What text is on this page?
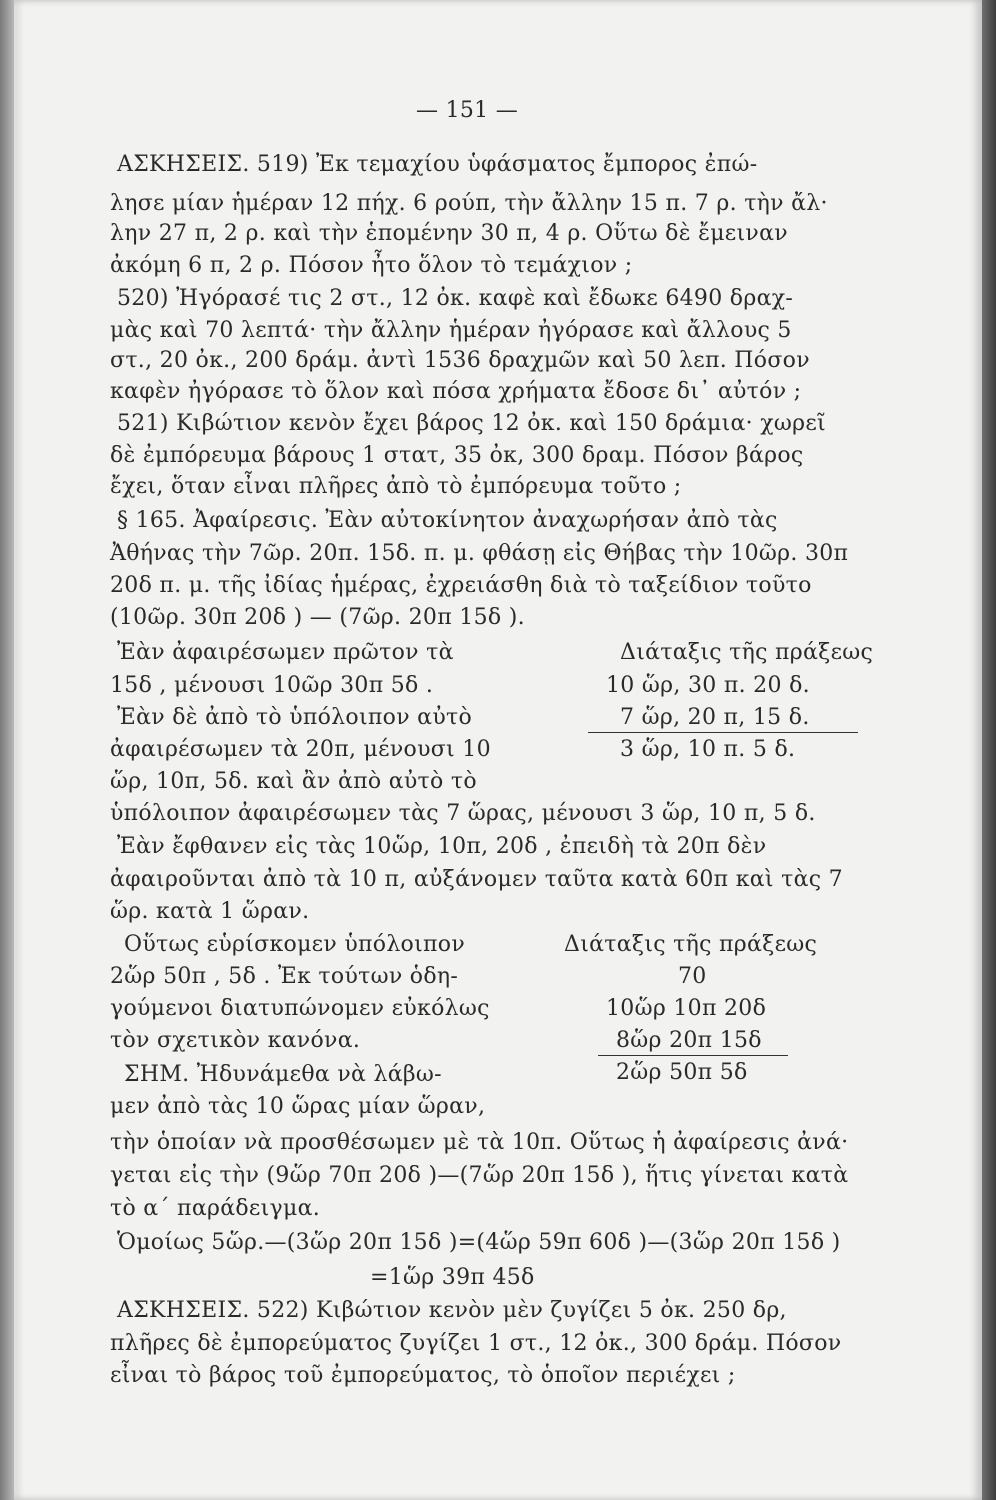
— 151 —
ΑΣΚΗΣΕΙΣ. 519) Ἐκ τεμαχίου ὑφάσματος ἔμπορος ἐπώ-
λησε μίαν ἡμέραν 12 πήχ. 6 ρούπ, τὴν ἄλλην 15 π. 7 ρ. τὴν ἄλ·
λην 27 π, 2 ρ. καὶ τὴν ἑπομένην 30 π, 4 ρ. Οὕτω δὲ ἔμειναν
ἀκόμη 6 π, 2 ρ. Πόσον ἦτο ὅλον τὸ τεμάχιον ;
520) Ἠγόρασέ τις 2 στ., 12 ὀκ. καφὲ καὶ ἔδωκε 6490 δραχ-
μὰς καὶ 70 λεπτά· τὴν ἄλλην ἡμέραν ἠγόρασε καὶ ἄλλους 5
στ., 20 ὀκ., 200 δράμ. ἀντὶ 1536 δραχμῶν καὶ 50 λεπ. Πόσον
καφὲν ἠγόρασε τὸ ὅλον καὶ πόσα χρήματα ἔδοσε δι᾽ αὐτόν ;
521) Κιβώτιον κενὸν ἔχει βάρος 12 ὀκ. καὶ 150 δράμια· χωρεῖ
δὲ ἐμπόρευμα βάρους 1 στατ, 35 ὀκ, 300 δραμ. Πόσον βάρος
ἔχει, ὅταν εἶναι πλῆρες ἀπὸ τὸ ἐμπόρευμα τοῦτο ;
§ 165. Ἀφαίρεσις. Ἐὰν αὐτοκίνητον ἀναχωρήσαν ἀπὸ τὰς
Ἀθήνας τὴν 7ῶρ. 20π. 15δ. π. μ. φθάσῃ εἰς Θήβας τὴν 10ῶρ. 30π
20δ π. μ. τῆς ἰδίας ἡμέρας, ἐχρειάσθη διὰ τὸ ταξείδιον τοῦτο
(10ῶρ. 30π 20δ ) — (7ῶρ. 20π 15δ ).
Ἐὰν ἀφαιρέσωμεν πρῶτον τὰ
15δ , μένουσι 10ῶρ 30π 5δ .
Ἐὰν δὲ ἀπὸ τὸ ὑπόλοιπον αὐτὸ
ἀφαιρέσωμεν τὰ 20π, μένουσι 10
ὥρ, 10π, 5δ. καὶ ἂν ἀπὸ αὐτὸ τὸ
Διάταξις τῆς πράξεως
10 ὥρ, 30 π. 20 δ.
7 ὥρ, 20 π, 15 δ.
3 ὥρ, 10 π. 5 δ.
ὑπόλοιπον ἀφαιρέσωμεν τὰς 7 ὥρας, μένουσι 3 ὥρ, 10 π, 5 δ.
Ἐὰν ἔφθανεν εἰς τὰς 10ὥρ, 10π, 20δ , ἐπειδὴ τὰ 20π δὲν
ἀφαιροῦνται ἀπὸ τὰ 10 π, αὐξάνομεν ταῦτα κατὰ 60π καὶ τὰς 7
ὥρ. κατὰ 1 ὥραν.
Οὕτως εὑρίσκομεν ὑπόλοιπον
2ὥρ 50π , 5δ . Ἐκ τούτων ὁδη-
γούμενοι διατυπώνομεν εὐκόλως
τὸν σχετικὸν κανόνα.
ΣΗΜ. Ἠδυνάμεθα νὰ λάβω-
μεν ἀπὸ τὰς 10 ὥρας μίαν ὥραν,
Διάταξις τῆς πράξεως
70
10ὥρ 10π 20δ
8ὥρ 20π 15δ
2ὥρ 50π 5δ
τὴν ὁποίαν νὰ προσθέσωμεν μὲ τὰ 10π. Οὕτως ἡ ἀφαίρεσις ἀνά·
γεται εἰς τὴν (9ὥρ 70π 20δ )—(7ὥρ 20π 15δ ), ἥτις γίνεται κατὰ
τὸ α΄ παράδειγμα.
Ὁμοίως 5ὥρ.—(3ὥρ 20π 15δ )=(4ὥρ 59π 60δ )—(3ὥρ 20π 15δ )
=1ὥρ 39π 45δ
ΑΣΚΗΣΕΙΣ. 522) Κιβώτιον κενὸν μὲν ζυγίζει 5 ὀκ. 250 δρ,
πλῆρες δὲ ἐμπορεύματος ζυγίζει 1 στ., 12 ὀκ., 300 δράμ. Πόσον
εἶναι τὸ βάρος τοῦ ἐμπορεύματος, τὸ ὁποῖον περιέχει ;
